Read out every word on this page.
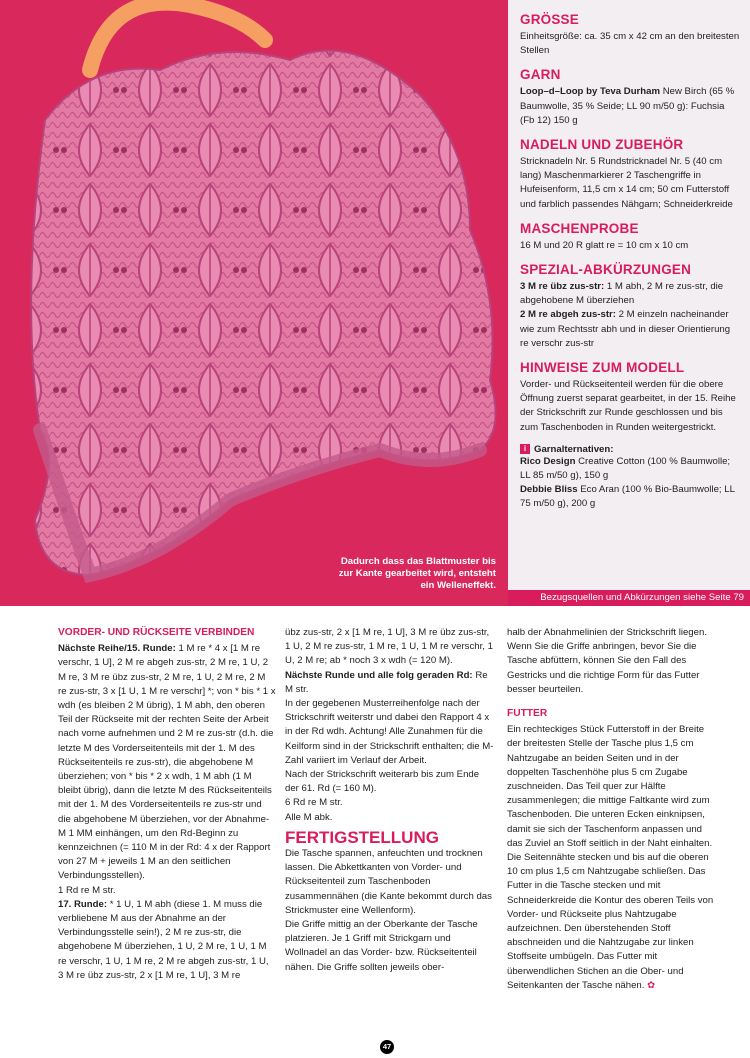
Dadurch dass das Blattmuster bis zur Kante gearbeitet wird, entsteht ein Welleneffekt.
GRÖSSE

Einheitsgröße: ca. 35 cm x 42 cm an den breitesten Stellen

GARN

Loop–d–Loop by Teva Durham New Birch (65 % Baumwolle, 35 % Seide; LL 90 m/50 g): Fuchsia (Fb 12) 150 g

NADELN UND ZUBEHÖR

Stricknadeln Nr. 5 Rundstricknadel Nr. 5 (40 cm lang) Maschenmarkierer 2 Taschengriffe in Hufeisenform, 11,5 cm x 14 cm; 50 cm Futterstoff und farblich passendes Nähgarn; Schneiderkreide

MASCHENPROBE

16 M und 20 R glatt re = 10 cm x 10 cm

SPEZIAL-ABKÜRZUNGEN

3 M re übz zus-str: 1 M abh, 2 M re zus-str, die abgehobene M überziehen
2 M re abgeh zus-str: 2 M einzeln nacheinander wie zum Rechtsstr abh und in dieser Orientierung re verschr zus-str

HINWEISE ZUM MODELL

Vorder- und Rückseitenteil werden für die obere Öffnung zuerst separat gearbeitet, in der 15. Reihe der Strickschrift zur Runde geschlossen und bis zum Taschenboden in Runden weitergestrickt.

i Garnalternativen:

Rico Design Creative Cotton (100 % Baumwolle; LL 85 m/50 g), 150 g
Debbie Bliss Eco Aran (100 % Bio-Baumwolle; LL 75 m/50 g), 200 g

Bezugsquellen und Abkürzungen siehe Seite 79
VORDER- UND RÜCKSEITE VERBINDEN

Nächste Reihe/15. Runde: 1 M re * 4 x [1 M re verschr, 1 U], 2 M re abgeh zus-str, 2 M re, 1 U, 2 M re, 3 M re übz zus-str, 2 M re, 1 U, 2 M re, 2 M re zus-str, 3 x [1 U, 1 M re verschr] *; von * bis * 1 x wdh (es bleiben 2 M übrig), 1 M abh, den oberen Teil der Rückseite mit der rechten Seite der Arbeit nach vorne aufnehmen und 2 M re zus-str (d.h. die letzte M des Vorderseitenteils mit der 1. M des Rückseitenteils re zus-str), die abgehobene M überziehen; von * bis * 2 x wdh, 1 M abh (1 M bleibt übrig), dann die letzte M des Rückseitenteils mit der 1. M des Vorderseitenteils re zus-str und die abgehobene M überziehen, vor der Abnahme-M 1 MM einhängen, um den Rd-Beginn zu kennzeichnen (= 110 M in der Rd: 4 x der Rapport von 27 M + jeweils 1 M an den seitlichen Verbindungsstellen).

1 Rd re M str.

17. Runde: * 1 U, 1 M abh (diese 1. M muss die verbliebene M aus der Abnahme an der Verbindungsstelle sein!), 2 M re zus-str, die abgehobene M überziehen, 1 U, 2 M re, 1 U, 1 M re verschr, 1 U, 1 M re, 2 M re abgeh zus-str, 1 U, 3 M re übz zus-str, 2 x [1 M re, 1 U], 3 M re

übz zus-str, 2 x [1 M re, 1 U], 3 M re übz zus-str, 1 U, 2 M re zus-str, 1 M re, 1 U, 1 M re verschr, 1 U, 2 M re; ab * noch 3 x wdh (= 120 M).

Nächste Runde und alle folg geraden Rd: Re M str.

In der gegebenen Musterreihenfolge nach der Strickschrift weiterstr und dabei den Rapport 4 x in der Rd wdh. Achtung! Alle Zunahmen für die Keilform sind in der Strickschrift enthalten; die M-Zahl variiert im Verlauf der Arbeit.

Nach der Strickschrift weiterarb bis zum Ende der 61. Rd (= 160 M).

6 Rd re M str.

Alle M abk.

FERTIGSTELLUNG

Die Tasche spannen, anfeuchten und trocknen lassen. Die Abkettkanten von Vorder- und Rückseitenteil zum Taschenboden zusammennähen (die Kante bekommt durch das Strickmuster eine Wellenform).

Die Griffe mittig an der Oberkante der Tasche platzieren. Je 1 Griff mit Strickgarn und Wollnadel an das Vorder- bzw. Rückseitenteil nähen. Die Griffe sollten jeweils ober-

halb der Abnahmelinien der Strickschrift liegen. Wenn Sie die Griffe anbringen, bevor Sie die Tasche abfüttern, können Sie den Fall des Gestricks und die richtige Form für das Futter besser beurteilen.

FUTTER

Ein rechteckiges Stück Futterstoff in der Breite der breitesten Stelle der Tasche plus 1,5 cm Nahtzugabe an beiden Seiten und in der doppelten Taschenhöhe plus 5 cm Zugabe zuschneiden. Das Teil quer zur Hälfte zusammenlegen; die mittige Faltkante wird zum Taschenboden. Die unteren Ecken einknipsen, damit sie sich der Taschenform anpassen und das Zuviel an Stoff seitlich in der Naht einhalten. Die Seitennähte stecken und bis auf die oberen 10 cm plus 1,5 cm Nahtzugabe schließen. Das Futter in die Tasche stecken und mit Schneiderkreide die Kontur des oberen Teils von Vorder- und Rückseite plus Nahtzugabe aufzeichnen. Den überstehenden Stoff abschneiden und die Nahtzugabe zur linken Stoffseite umbügeln. Das Futter mit überwendlichen Stichen an die Ober- und Seitenkanten der Tasche nähen. ✿

47
